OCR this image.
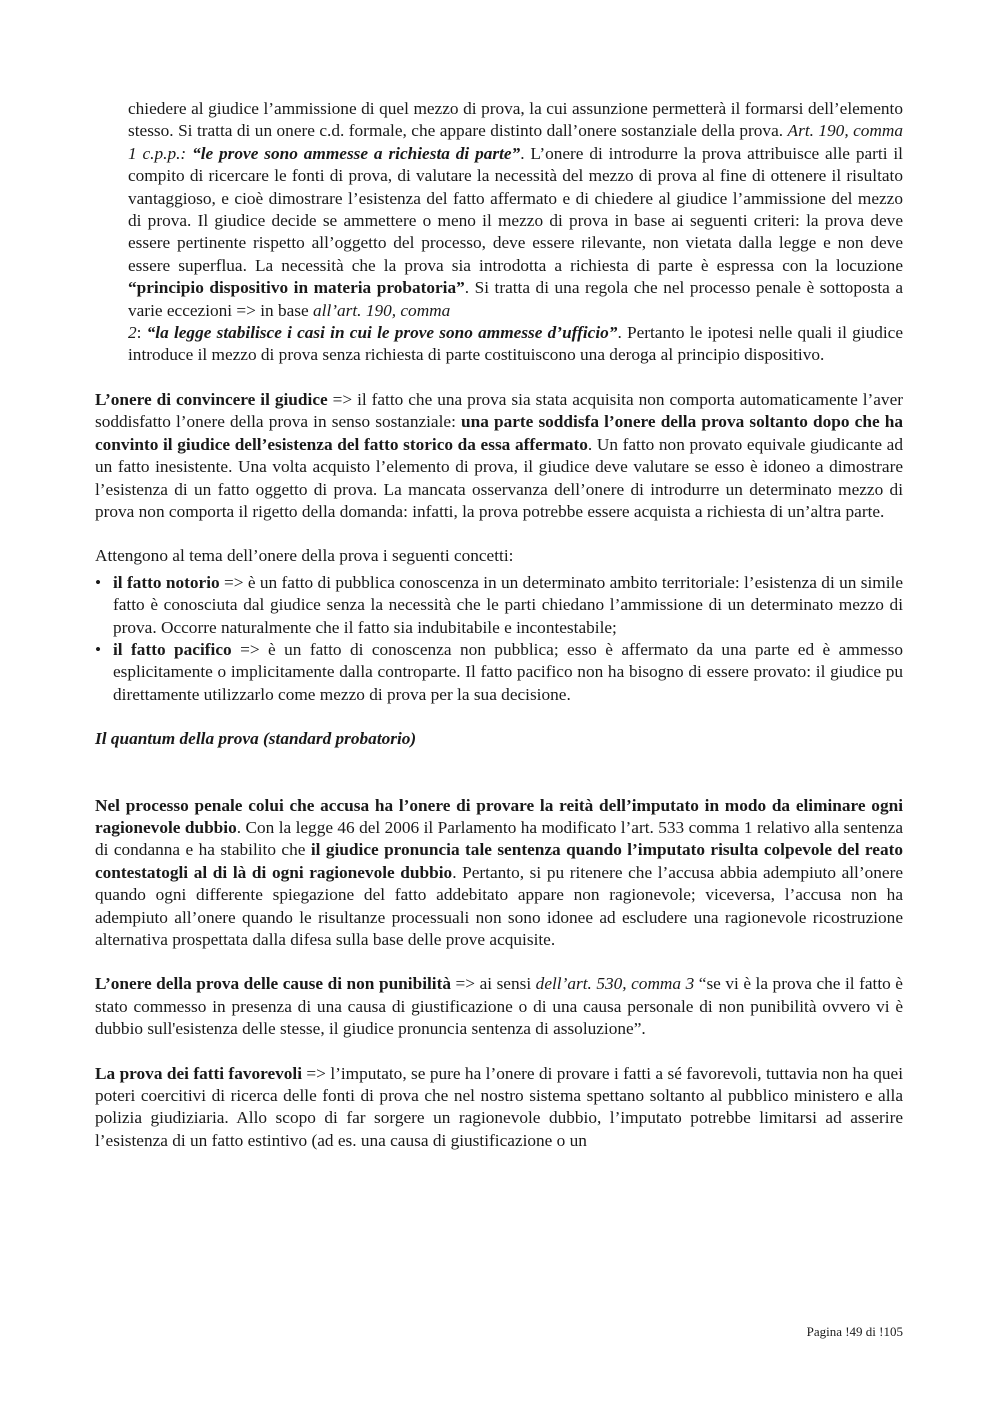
chiedere al giudice l’ammissione di quel mezzo di prova, la cui assunzione permetterà il formarsi dell’elemento stesso. Si tratta di un onere c.d. formale, che appare distinto dall’onere sostanziale della prova. Art. 190, comma 1 c.p.p.: “le prove sono ammesse a richiesta di parte”. L’onere di introdurre la prova attribuisce alle parti il compito di ricercare le fonti di prova, di valutare la necessità del mezzo di prova al fine di ottenere il risultato vantaggioso, e cioè dimostrare l’esistenza del fatto affermato e di chiedere al giudice l’ammissione del mezzo di prova. Il giudice decide se ammettere o meno il mezzo di prova in base ai seguenti criteri: la prova deve essere pertinente rispetto all’oggetto del processo, deve essere rilevante, non vietata dalla legge e non deve essere superflua. La necessità che la prova sia introdotta a richiesta di parte è espressa con la locuzione “principio dispositivo in materia probatoria”. Si tratta di una regola che nel processo penale è sottoposta a varie eccezioni => in base all’art. 190, comma
2: “la legge stabilisce i casi in cui le prove sono ammesse d’ufficio”. Pertanto le ipotesi nelle quali il giudice introduce il mezzo di prova senza richiesta di parte costituiscono una deroga al principio dispositivo.

L’onere di convincere il giudice => il fatto che una prova sia stata acquisita non comporta automaticamente l’aver soddisfatto l’onere della prova in senso sostanziale: una parte soddisfa l’onere della prova soltanto dopo che ha convinto il giudice dell’esistenza del fatto storico da essa affermato. Un fatto non provato equivale giudicante ad un fatto inesistente. Una volta acquisto l’elemento di prova, il giudice deve valutare se esso è idoneo a dimostrare l’esistenza di un fatto oggetto di prova. La mancata osservanza dell’onere di introdurre un determinato mezzo di prova non comporta il rigetto della domanda: infatti, la prova potrebbe essere acquista a richiesta di un’altra parte.

Attengono al tema dell’onere della prova i seguenti concetti:

• il fatto notorio => è un fatto di pubblica conoscenza in un determinato ambito territoriale: l’esistenza di un simile fatto è conosciuta dal giudice senza la necessità che le parti chiedano l’ammissione di un determinato mezzo di prova. Occorre naturalmente che il fatto sia indubitabile e incontestabile;
• il fatto pacifico => è un fatto di conoscenza non pubblica; esso è affermato da una parte ed è ammesso esplicitamente o implicitamente dalla controparte. Il fatto pacifico non ha bisogno di essere provato: il giudice pu direttamente utilizzarlo come mezzo di prova per la sua decisione.

Il quantum della prova (standard probatorio)

Nel processo penale colui che accusa ha l’onere di provare la reità dell’imputato in modo da eliminare ogni ragionevole dubbio. Con la legge 46 del 2006 il Parlamento ha modificato l’art. 533 comma 1 relativo alla sentenza di condanna e ha stabilito che il giudice pronuncia tale sentenza quando l’imputato risulta colpevole del reato contestatogli al di là di ogni ragionevole dubbio. Pertanto, si pu ritenere che l’accusa abbia adempiuto all’onere quando ogni differente spiegazione del fatto addebitato appare non ragionevole; viceversa, l’accusa non ha adempiuto all’onere quando le risultanze processuali non sono idonee ad escludere una ragionevole ricostruzione alternativa prospettata dalla difesa sulla base delle prove acquisite.

L’onere della prova delle cause di non punibilità => ai sensi dell’art. 530, comma 3 “se vi è la prova che il fatto è stato commesso in presenza di una causa di giustificazione o di una causa personale di non punibilità ovvero vi è dubbio sull'esistenza delle stesse, il giudice pronuncia sentenza di assoluzione”.

La prova dei fatti favorevoli => l’imputato, se pure ha l’onere di provare i fatti a sé favorevoli, tuttavia non ha quei poteri coercitivi di ricerca delle fonti di prova che nel nostro sistema spettano soltanto al pubblico ministero e alla polizia giudiziaria. Allo scopo di far sorgere un ragionevole dubbio, l’imputato potrebbe limitarsi ad asserire l’esistenza di un fatto estintivo (ad es. una causa di giustificazione o un

Pagina !49 di !105
